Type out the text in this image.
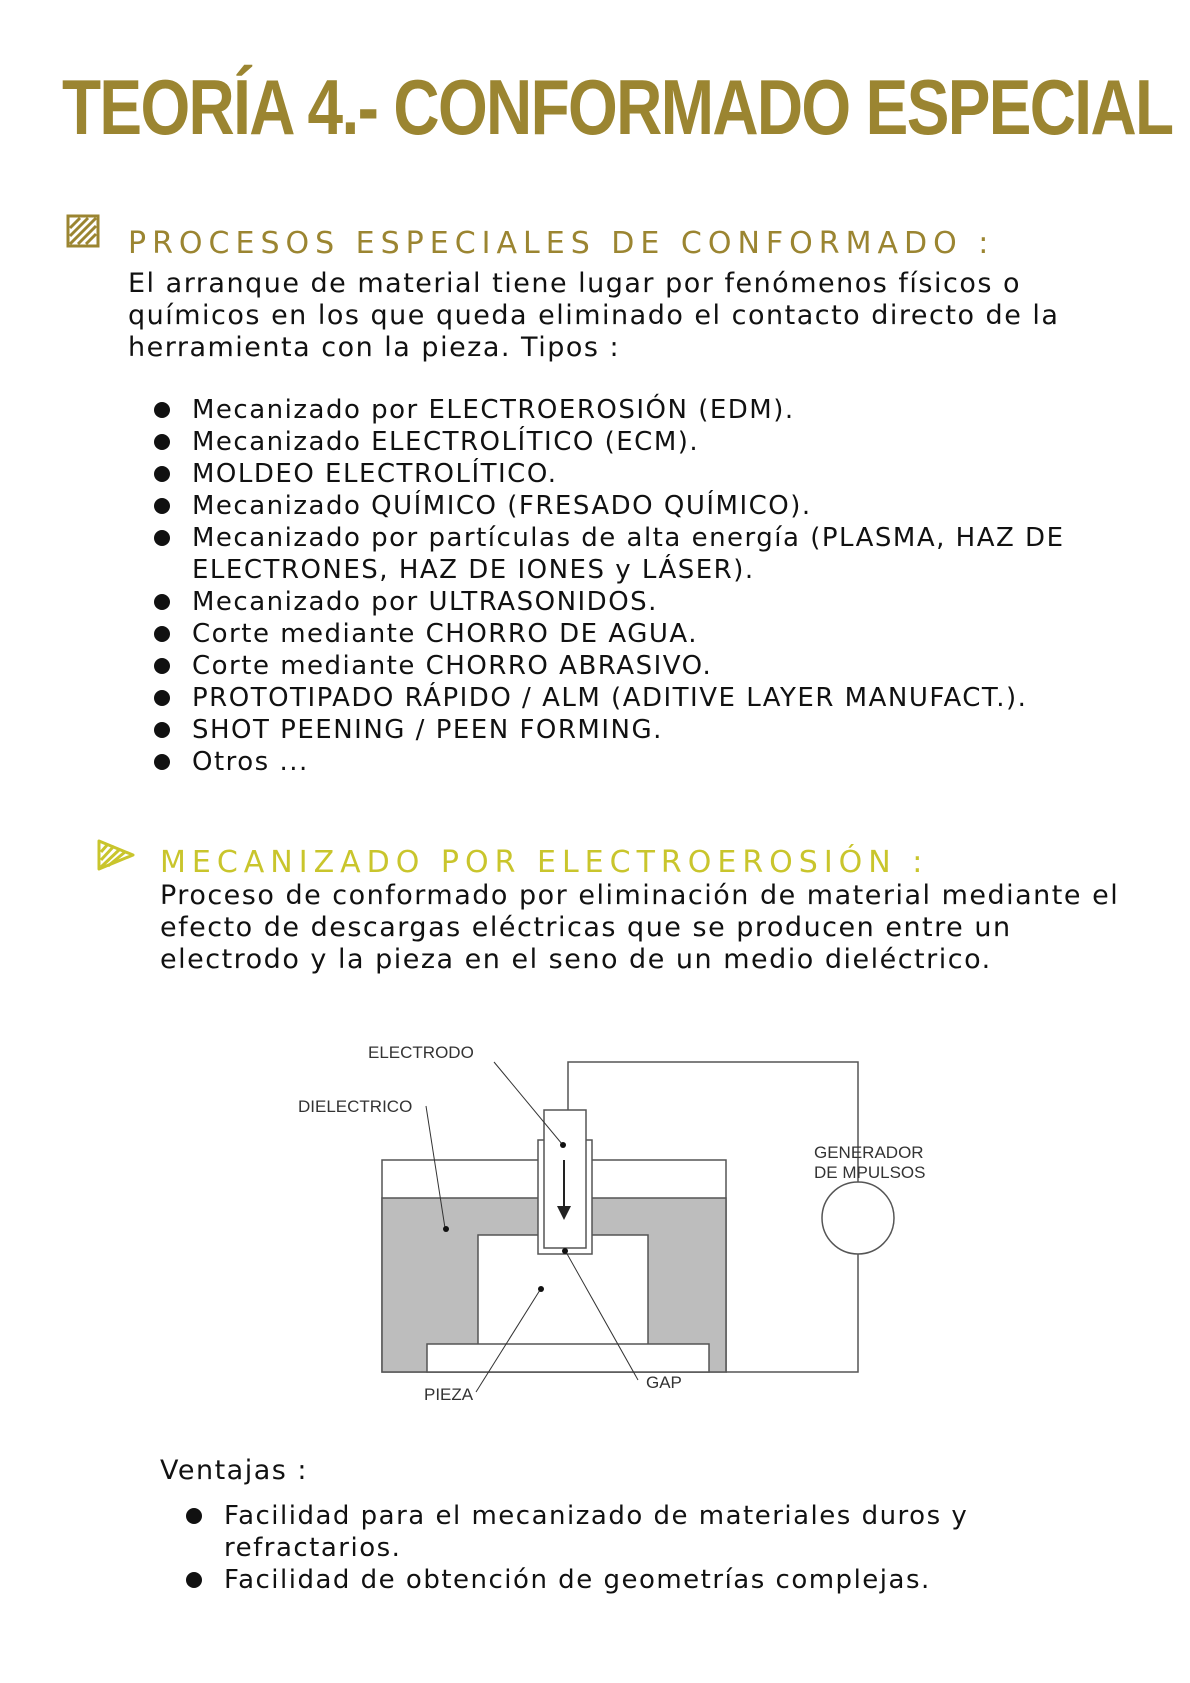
TEORÍA 4.- CONFORMADO ESPECIAL
PROCESOS ESPECIALES DE CONFORMADO :
El arranque de material tiene lugar por fenómenos físicos o químicos en los que queda eliminado el contacto directo de la herramienta con la pieza. Tipos :
Mecanizado por ELECTROEROSIÓN (EDM).
Mecanizado ELECTROLÍTICO (ECM).
MOLDEO ELECTROLÍTICO.
Mecanizado QUÍMICO (FRESADO QUÍMICO).
Mecanizado por partículas de alta energía (PLASMA, HAZ DE ELECTRONES, HAZ DE IONES y LÁSER).
Mecanizado por ULTRASONIDOS.
Corte mediante CHORRO DE AGUA.
Corte mediante CHORRO ABRASIVO.
PROTOTIPADO RÁPIDO / ALM (ADITIVE LAYER MANUFACT.).
SHOT PEENING / PEEN FORMING.
Otros ...
MECANIZADO POR ELECTROEROSIÓN :
Proceso de conformado por eliminación de material mediante el efecto de descargas eléctricas que se producen entre un electrodo y la pieza en el seno de un medio dieléctrico.
ELECTRODO
DIELECTRICO
GENERADOR
DE MPULSOS
GAP
PIEZA
Ventajas :
Facilidad para el mecanizado de materiales duros y refractarios.
Facilidad de obtención de geometrías complejas.
